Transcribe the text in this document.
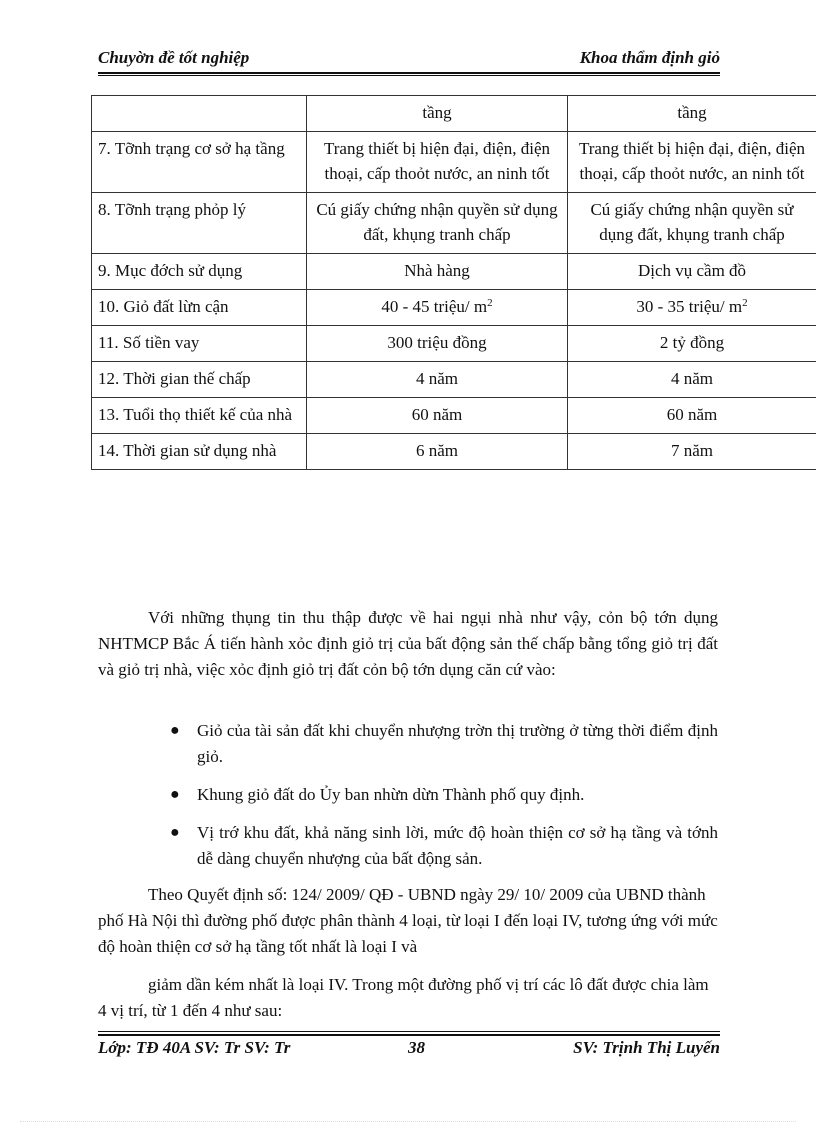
Chuyờn đề tốt nghiệp	Khoa thẩm định giỏ
	tầng	tầng
7. Tỡnh trạng cơ sở hạ tầng	Trang thiết bị hiện đại, điện, điện thoại, cấp thoỏt nước, an ninh tốt	Trang thiết bị hiện đại, điện, điện thoại, cấp thoỏt nước, an ninh tốt
8. Tỡnh trạng phỏp lý	Cú giấy chứng nhận quyền sử dụng đất, khụng tranh chấp	Cú giấy chứng nhận quyền sử dụng đất, khụng tranh chấp
9. Mục đớch sử dụng	Nhà hàng	Dịch vụ cầm đồ
10. Giỏ đất lừn cận	40 - 45 triệu/ $m^2$	30 - 35 triệu/ $m^2$
11. Số tiền vay	300 triệu đồng	2 tỷ đồng
12. Thời gian thế chấp	4 năm	4 năm
13. Tuổi thọ thiết kế của nhà	60 năm	60 năm
14. Thời gian sử dụng nhà	6 năm	7 năm

Với những thụng tin thu thập được về hai ngụi nhà như vậy, cỏn bộ tớn dụng NHTMCP Bắc Á tiến hành xỏc định giỏ trị của bất động sản thế chấp bằng tổng giỏ trị đất và giỏ trị nhà, việc xỏc định giỏ trị đất cỏn bộ tớn dụng căn cứ vào:

● Giỏ của tài sản đất khi chuyển nhượng trờn thị trường ở từng thời điểm định giỏ.
● Khung giỏ đất do Ủy ban nhừn dừn Thành phố quy định.
● Vị trớ khu đất, khả năng sinh lời, mức độ hoàn thiện cơ sở hạ tầng và tớnh dễ dàng chuyển nhượng của bất động sản.

Theo Quyết định số: 124/ 2009/ QĐ - UBND ngày 29/ 10/ 2009 của UBND thành phố Hà Nội thì đường phố được phân thành 4 loại, từ loại I đến loại IV, tương ứng với mức độ hoàn thiện cơ sở hạ tầng tốt nhất là loại I và

giảm dần kém nhất là loại IV. Trong một đường phố vị trí các lô đất được chia làm 4 vị trí, từ 1 đến 4 như sau:

Lớp: TĐ 40A SV: Tr SV: Tr	38	SV: Trịnh Thị Luyến
